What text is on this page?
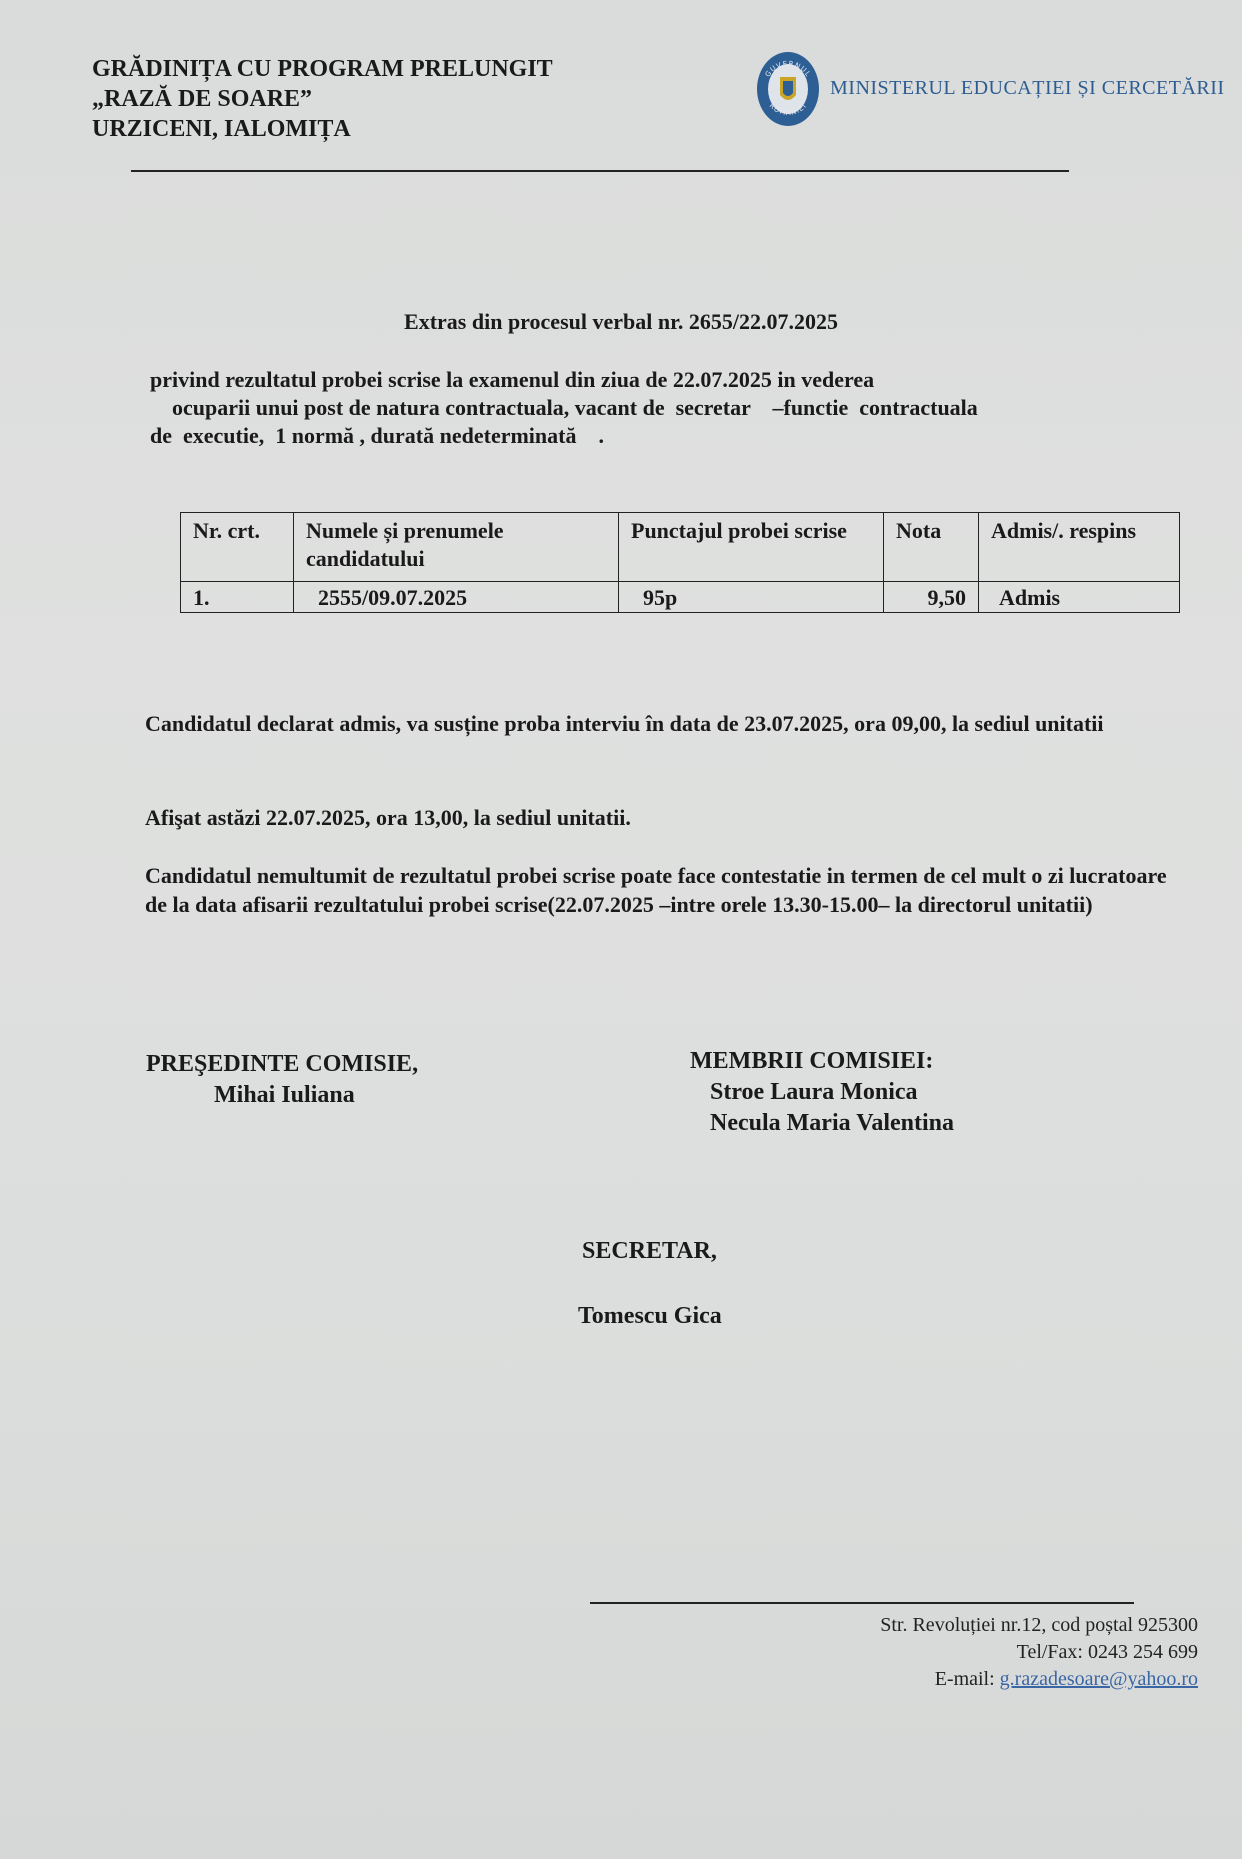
GRĂDINIȚA CU PROGRAM PRELUNGIT
„RAZĂ DE SOARE”
URZICENI, IALOMIȚA
GUVERNUL
ROMÂNIEI
MINISTERUL EDUCAȚIEI ȘI CERCETĂRII
Extras din procesul verbal nr. 2655/22.07.2025
privind rezultatul probei scrise la examenul din ziua de 22.07.2025 in vederea
ocuparii unui post de natura contractuala, vacant de  secretar    –functie  contractuala
de  executie,  1 normă , durată nedeterminată    .
Nr. crt.	Numele și prenumele candidatului	Punctajul probei scrise	Nota	Admis/. respins
1.	2555/09.07.2025	95p	9,50	Admis
Candidatul declarat admis, va susține proba interviu în data de 23.07.2025, ora 09,00, la sediul unitatii
Afişat astăzi 22.07.2025, ora 13,00, la sediul unitatii.
Candidatul nemultumit de rezultatul probei scrise poate face contestatie in termen de cel mult o zi lucratoare de la data afisarii rezultatului probei scrise(22.07.2025 –intre orele 13.30-15.00– la directorul unitatii)
PREŞEDINTE COMISIE,
Mihai Iuliana
MEMBRII COMISIEI:
Stroe Laura Monica
Necula Maria Valentina
SECRETAR,
Tomescu Gica
Str. Revoluției nr.12, cod poștal 925300
Tel/Fax: 0243 254 699
E-mail: g.razadesoare@yahoo.ro
